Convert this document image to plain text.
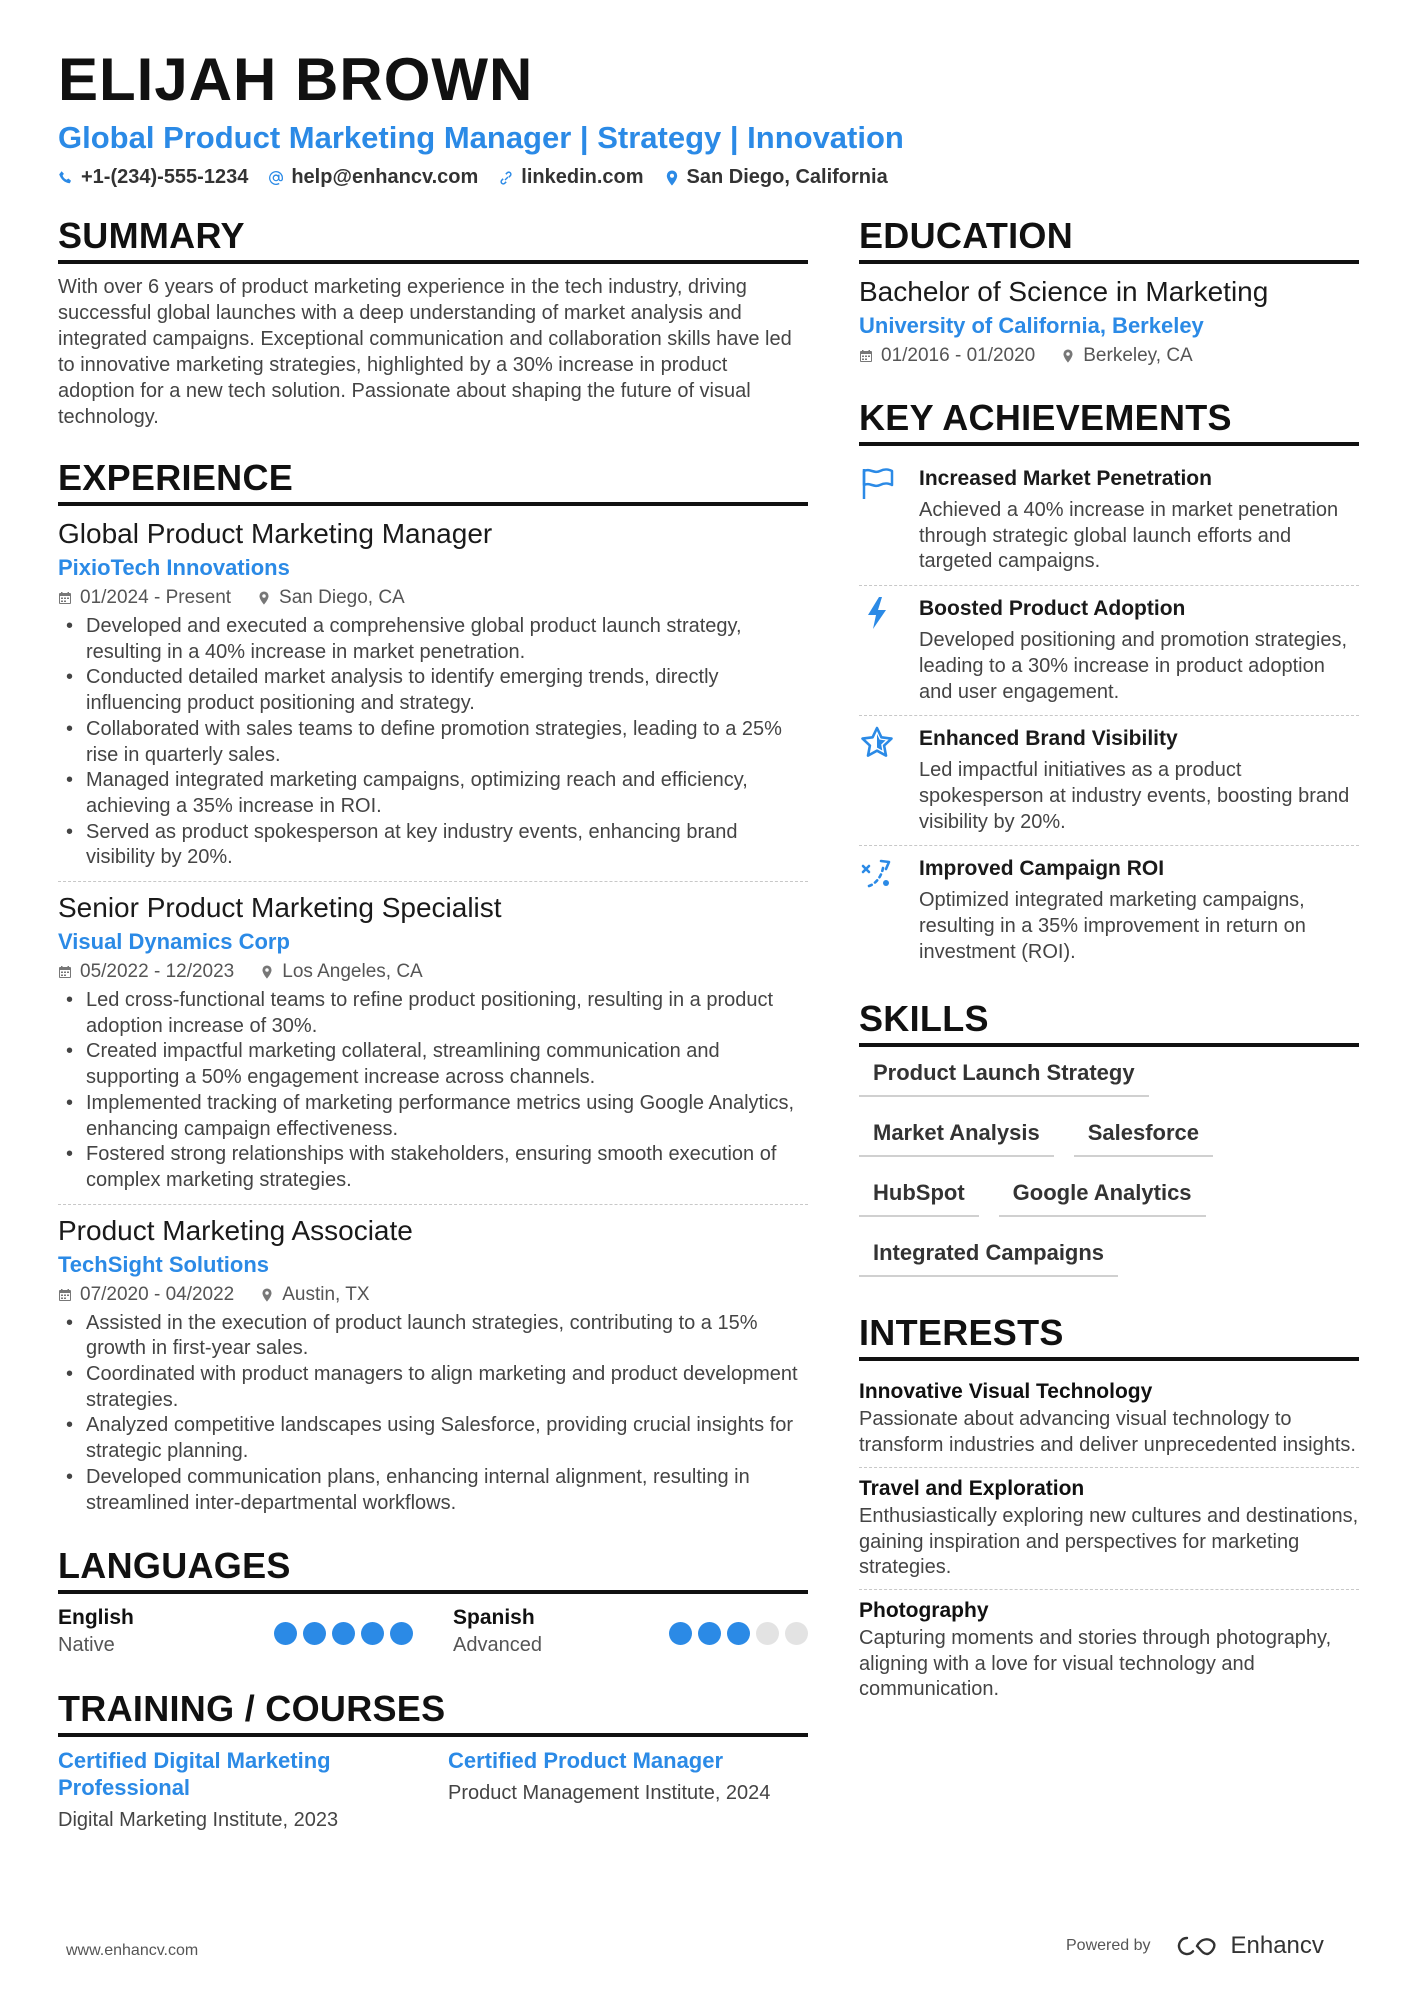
ELIJAH BROWN
Global Product Marketing Manager | Strategy | Innovation
+1-(234)-555-1234 help@enhancv.com linkedin.com San Diego, California
SUMMARY
With over 6 years of product marketing experience in the tech industry, driving successful global launches with a deep understanding of market analysis and integrated campaigns. Exceptional communication and collaboration skills have led to innovative marketing strategies, highlighted by a 30% increase in product adoption for a new tech solution. Passionate about shaping the future of visual technology.
EXPERIENCE
Global Product Marketing Manager
PixioTech Innovations
01/2024 - Present	San Diego, CA
• Developed and executed a comprehensive global product launch strategy, resulting in a 40% increase in market penetration.
• Conducted detailed market analysis to identify emerging trends, directly influencing product positioning and strategy.
• Collaborated with sales teams to define promotion strategies, leading to a 25% rise in quarterly sales.
• Managed integrated marketing campaigns, optimizing reach and efficiency, achieving a 35% increase in ROI.
• Served as product spokesperson at key industry events, enhancing brand visibility by 20%.
Senior Product Marketing Specialist
Visual Dynamics Corp
05/2022 - 12/2023	Los Angeles, CA
• Led cross-functional teams to refine product positioning, resulting in a product adoption increase of 30%.
• Created impactful marketing collateral, streamlining communication and supporting a 50% engagement increase across channels.
• Implemented tracking of marketing performance metrics using Google Analytics, enhancing campaign effectiveness.
• Fostered strong relationships with stakeholders, ensuring smooth execution of complex marketing strategies.
Product Marketing Associate
TechSight Solutions
07/2020 - 04/2022	Austin, TX
• Assisted in the execution of product launch strategies, contributing to a 15% growth in first-year sales.
• Coordinated with product managers to align marketing and product development strategies.
• Analyzed competitive landscapes using Salesforce, providing crucial insights for strategic planning.
• Developed communication plans, enhancing internal alignment, resulting in streamlined inter-departmental workflows.
LANGUAGES
English
Native
Spanish
Advanced
TRAINING / COURSES
Certified Digital Marketing Professional
Digital Marketing Institute, 2023
Certified Product Manager
Product Management Institute, 2024
EDUCATION
Bachelor of Science in Marketing
University of California, Berkeley
01/2016 - 01/2020	Berkeley, CA
KEY ACHIEVEMENTS
Increased Market Penetration
Achieved a 40% increase in market penetration through strategic global launch efforts and targeted campaigns.
Boosted Product Adoption
Developed positioning and promotion strategies, leading to a 30% increase in product adoption and user engagement.
Enhanced Brand Visibility
Led impactful initiatives as a product spokesperson at industry events, boosting brand visibility by 20%.
Improved Campaign ROI
Optimized integrated marketing campaigns, resulting in a 35% improvement in return on investment (ROI).
SKILLS
Product Launch Strategy
Market Analysis	Salesforce
HubSpot	Google Analytics
Integrated Campaigns
INTERESTS
Innovative Visual Technology
Passionate about advancing visual technology to transform industries and deliver unprecedented insights.
Travel and Exploration
Enthusiastically exploring new cultures and destinations, gaining inspiration and perspectives for marketing strategies.
Photography
Capturing moments and stories through photography, aligning with a love for visual technology and communication.
www.enhancv.com	Powered by	Enhancv
